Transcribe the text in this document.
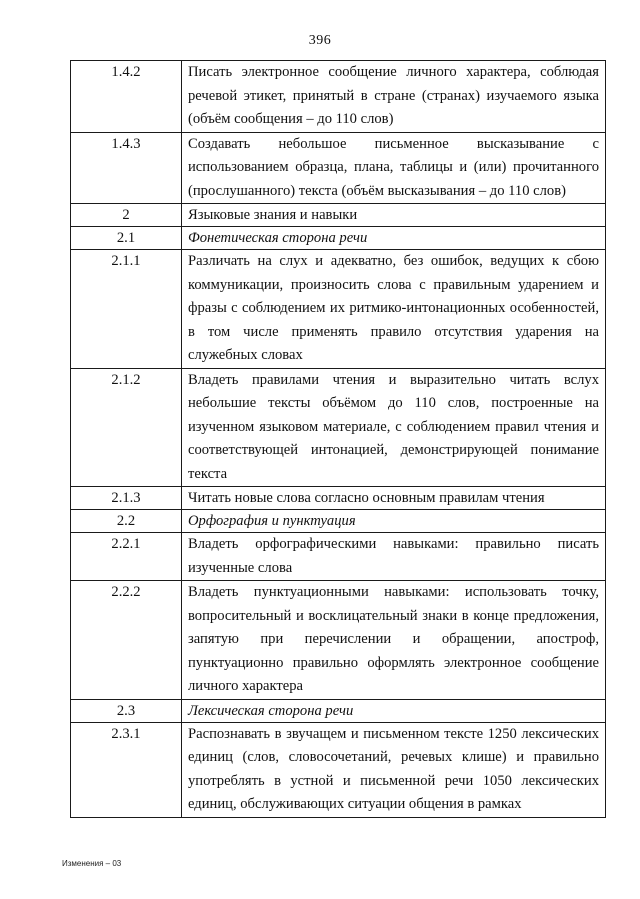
396
1.4.2	Писать электронное сообщение личного характера, соблюдая речевой этикет, принятый в стране (странах) изучаемого языка (объём сообщения – до 110 слов)
1.4.3	Создавать небольшое письменное высказывание с использованием образца, плана, таблицы и (или) прочитанного (прослушанного) текста (объём высказывания – до 110 слов)
2	Языковые знания и навыки
2.1	Фонетическая сторона речи
2.1.1	Различать на слух и адекватно, без ошибок, ведущих к сбою коммуникации, произносить слова с правильным ударением и фразы с соблюдением их ритмико-интонационных особенностей, в том числе применять правило отсутствия ударения на служебных словах
2.1.2	Владеть правилами чтения и выразительно читать вслух небольшие тексты объёмом до 110 слов, построенные на изученном языковом материале, с соблюдением правил чтения и соответствующей интонацией, демонстрирующей понимание текста
2.1.3	Читать новые слова согласно основным правилам чтения
2.2	Орфография и пунктуация
2.2.1	Владеть орфографическими навыками: правильно писать изученные слова
2.2.2	Владеть пунктуационными навыками: использовать точку, вопросительный и восклицательный знаки в конце предложения, запятую при перечислении и обращении, апостроф, пунктуационно правильно оформлять электронное сообщение личного характера
2.3	Лексическая сторона речи
2.3.1	Распознавать в звучащем и письменном тексте 1250 лексических единиц (слов, словосочетаний, речевых клише) и правильно употреблять в устной и письменной речи 1050 лексических единиц, обслуживающих ситуации общения в рамках
Изменения – 03
